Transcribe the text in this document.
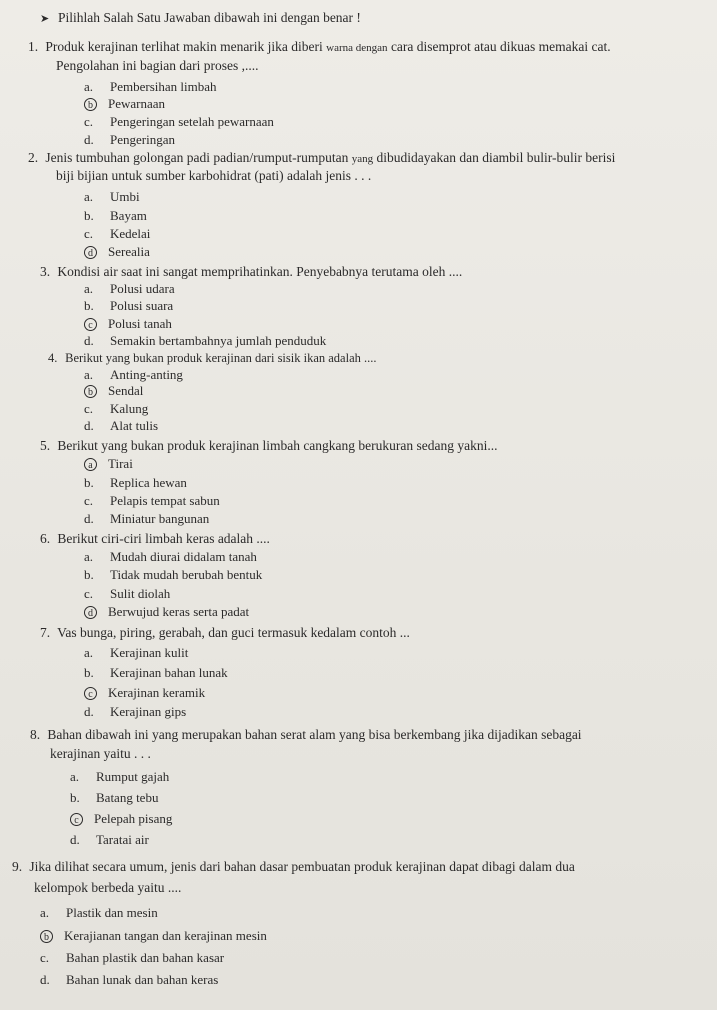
➤ Pilihlah Salah Satu Jawaban dibawah ini dengan benar !
1. Produk kerajinan terlihat makin menarik jika diberi warna dengan cara disemprot atau dikuas memakai cat.
Pengolahan ini bagian dari proses ,....
a. Pembersihan limbah
b Pewarnaan
c. Pengeringan setelah pewarnaan
d. Pengeringan
2. Jenis tumbuhan golongan padi padian/rumput-rumputan yang dibudidayakan dan diambil bulir-bulir berisi
biji bijian untuk sumber karbohidrat (pati) adalah jenis . . .
a. Umbi
b. Bayam
c. Kedelai
d Serealia
3. Kondisi air saat ini sangat memprihatinkan. Penyebabnya terutama oleh ....
a. Polusi udara
b. Polusi suara
c Polusi tanah
d. Semakin bertambahnya jumlah penduduk
4. Berikut yang bukan produk kerajinan dari sisik ikan adalah ....
a. Anting-anting
b Sendal
c. Kalung
d. Alat tulis
5. Berikut yang bukan produk kerajinan limbah cangkang berukuran sedang yakni...
a Tirai
b. Replica hewan
c. Pelapis tempat sabun
d. Miniatur bangunan
6. Berikut ciri-ciri limbah keras adalah ....
a. Mudah diurai didalam tanah
b. Tidak mudah berubah bentuk
c. Sulit diolah
d Berwujud keras serta padat
7. Vas bunga, piring, gerabah, dan guci termasuk kedalam contoh ...
a. Kerajinan kulit
b. Kerajinan bahan lunak
c Kerajinan keramik
d. Kerajinan gips
8. Bahan dibawah ini yang merupakan bahan serat alam yang bisa berkembang jika dijadikan sebagai
kerajinan yaitu . . .
a. Rumput gajah
b. Batang tebu
c Pelepah pisang
d. Taratai air
9. Jika dilihat secara umum, jenis dari bahan dasar pembuatan produk kerajinan dapat dibagi dalam dua
kelompok berbeda yaitu ....
a. Plastik dan mesin
b Kerajianan tangan dan kerajinan mesin
c. Bahan plastik dan bahan kasar
d. Bahan lunak dan bahan keras
